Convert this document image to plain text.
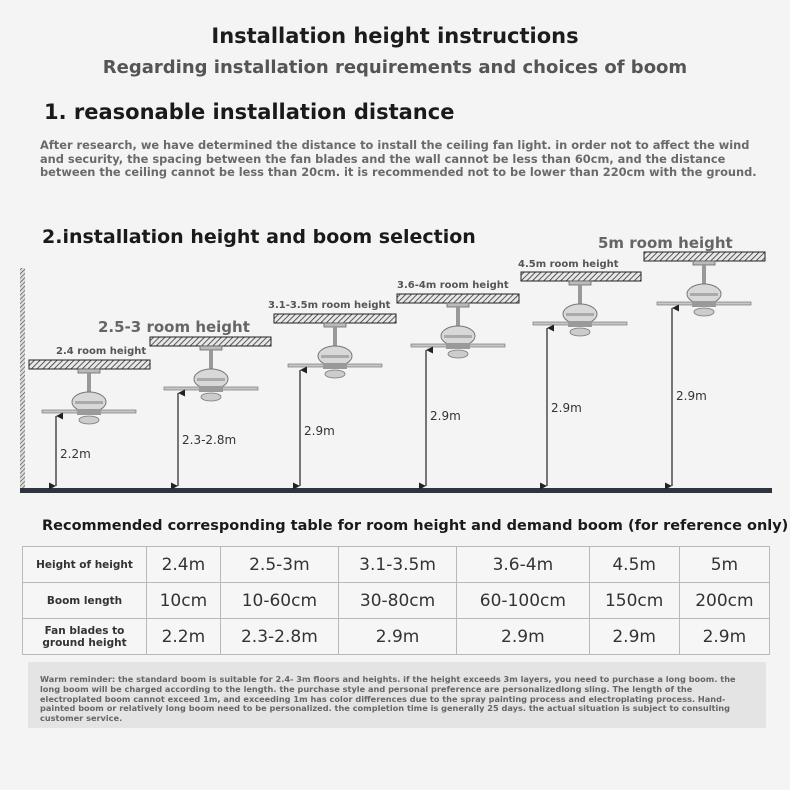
Installation height instructions
Regarding installation requirements and choices of boom
1. reasonable installation distance
After research, we have determined the distance to install the ceiling fan light. in order not to affect the wind and security, the spacing between the fan blades and the wall cannot be less than 60cm, and the distance between the ceiling cannot be less than 20cm. it is recommended not to be lower than 220cm with the ground.
2.installation height and boom selection
2.4 room height
2.2m
2.5-3 room height
2.3-2.8m
3.1-3.5m room height
2.9m
3.6-4m room height
2.9m
4.5m room height
2.9m
5m room height
2.9m
Recommended corresponding table for room height and demand boom (for reference only)
Height of height	2.4m	2.5-3m	3.1-3.5m	3.6-4m	4.5m	5m
Boom length	10cm	10-60cm	30-80cm	60-100cm	150cm	200cm
Fan blades to ground height	2.2m	2.3-2.8m	2.9m	2.9m	2.9m	2.9m
Warm reminder: the standard boom is suitable for 2.4- 3m floors and heights. if the height exceeds 3m layers, you need to purchase a long boom. the long boom will be charged according to the length. the purchase style and personal preference are personalizedlong sling. The length of the electroplated boom cannot exceed 1m, and exceeding 1m has color differences due to the spray painting process and electroplating process. Hand-painted boom or relatively long boom need to be personalized. the completion time is generally 25 days. the actual situation is subject to consulting customer service.
